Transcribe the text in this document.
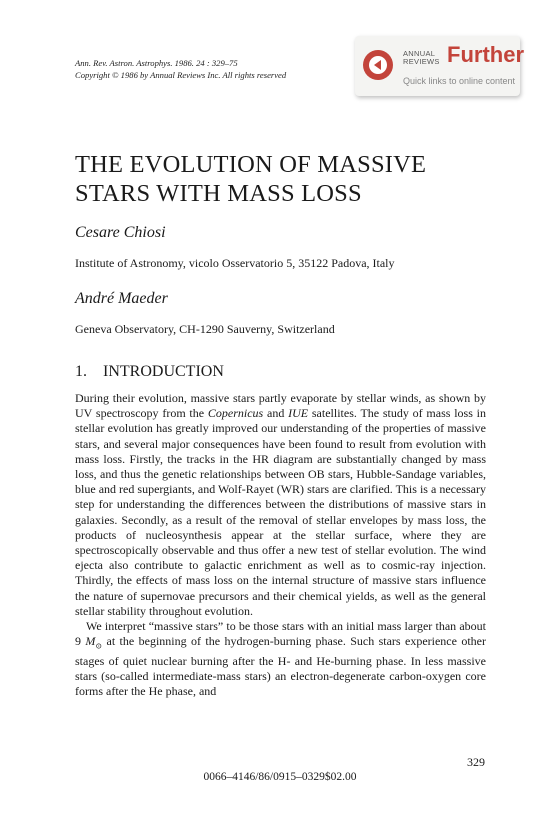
Ann. Rev. Astron. Astrophys. 1986. 24 : 329–75
Copyright © 1986 by Annual Reviews Inc. All rights reserved
ANNUAL
REVIEWS Further
Quick links to online content
THE EVOLUTION OF MASSIVE
STARS WITH MASS LOSS
Cesare Chiosi
Institute of Astronomy, vicolo Osservatorio 5, 35122 Padova, Italy
André Maeder
Geneva Observatory, CH-1290 Sauverny, Switzerland
1. INTRODUCTION

During their evolution, massive stars partly evaporate by stellar winds, as shown by UV spectroscopy from the Copernicus and IUE satellites. The study of mass loss in stellar evolution has greatly improved our understanding of the properties of massive stars, and several major consequences have been found to result from evolution with mass loss. Firstly, the tracks in the HR diagram are substantially changed by mass loss, and thus the genetic relationships between OB stars, Hubble-Sandage variables, blue and red supergiants, and Wolf-Rayet (WR) stars are clarified. This is a necessary step for understanding the differences between the distributions of massive stars in galaxies. Secondly, as a result of the removal of stellar envelopes by mass loss, the products of nucleosynthesis appear at the stellar surface, where they are spectroscopically observable and thus offer a new test of stellar evolution. The wind ejecta also contribute to galactic enrichment as well as to cosmic-ray injection. Thirdly, the effects of mass loss on the internal structure of massive stars influence the nature of supernovae precursors and their chemical yields, as well as the general stellar stability throughout evolution.

We interpret “massive stars” to be those stars with an initial mass larger than about 9 $M_⊙$ at the beginning of the hydrogen-burning phase. Such stars experience other stages of quiet nuclear burning after the H- and He-burning phase. In less massive stars (so-called intermediate-mass stars) an electron-degenerate carbon-oxygen core forms after the He phase, and

329
0066–4146/86/0915–0329$02.00
